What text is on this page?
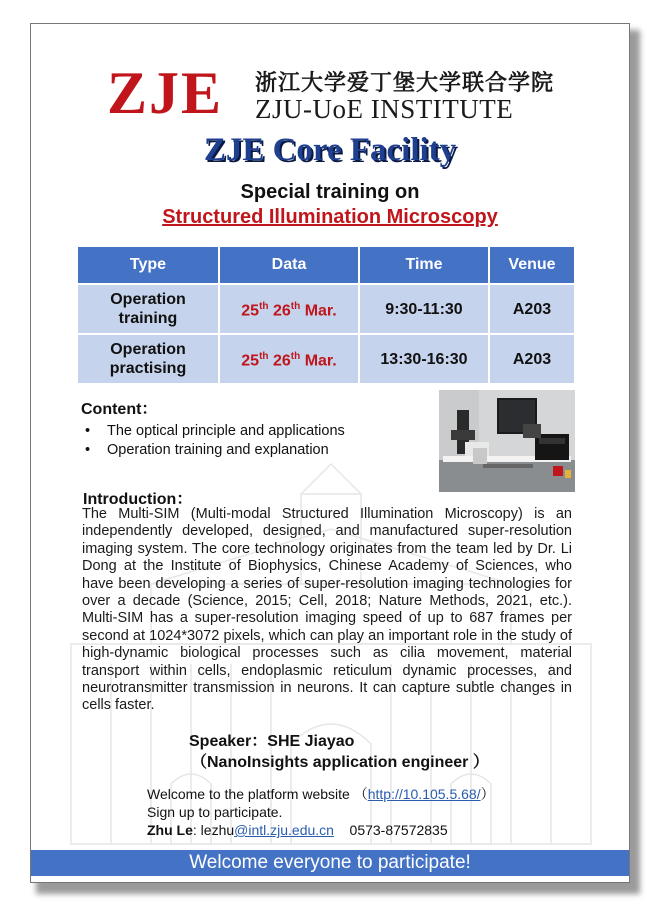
ZJE 浙江大学爱丁堡大学联合学院
ZJU-UoE INSTITUTE
ZJE Core Facility
Special training on
Structured Illumination Microscopy
Type	Data	Time	Venue
Operation
training	25th 26th Mar.	9:30-11:30	A203
Operation
practising	25th 26th Mar.	13:30-16:30	A203
Content：
• The optical principle and applications
• Operation training and explanation
Introduction：
The Multi-SIM (Multi-modal Structured Illumination Microscopy) is an independently developed, designed, and manufactured super-resolution imaging system. The core technology originates from the team led by Dr. Li Dong at the Institute of Biophysics, Chinese Academy of Sciences, who have been developing a series of super-resolution imaging technologies for over a decade (Science, 2015; Cell, 2018; Nature Methods, 2021, etc.). Multi-SIM has a super-resolution imaging speed of up to 687 frames per second at 1024*3072 pixels, which can play an important role in the study of high-dynamic biological processes such as cilia movement, material transport within cells, endoplasmic reticulum dynamic processes, and neurotransmitter transmission in neurons. It can capture subtle changes in cells faster.
Speaker：SHE Jiayao
（NanoInsights application engineer ）
Welcome to the platform website （http://10.105.5.68/）
Sign up to participate.
Zhu Le: lezhu@intl.zju.edu.cn 0573-87572835
Welcome everyone to participate!
